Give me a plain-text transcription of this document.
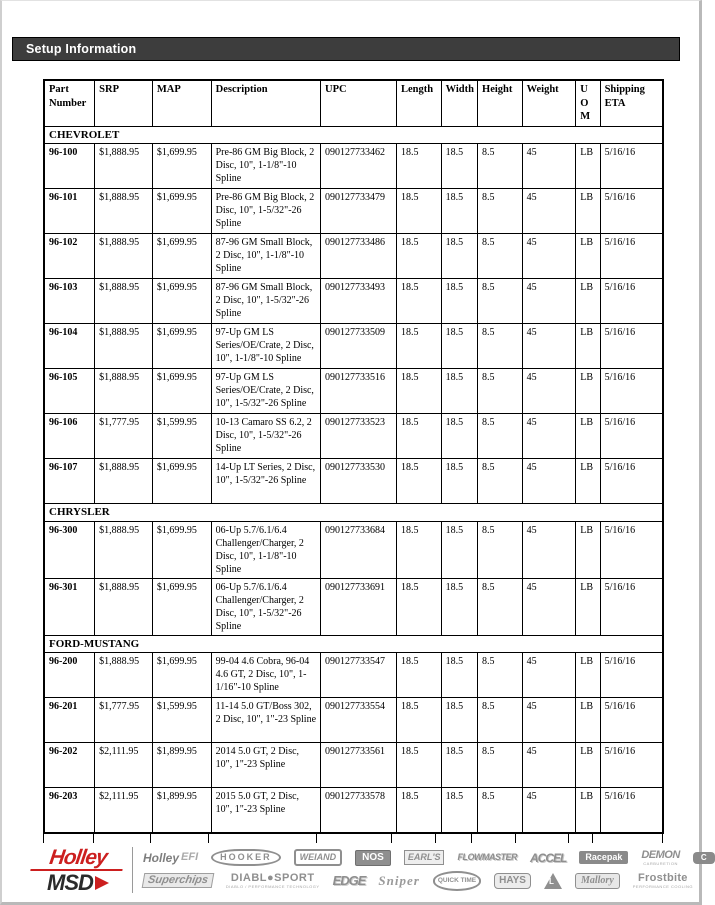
Setup Information
Part Number	SRP	MAP	Description	UPC	Length	Width	Height	Weight	U O M	Shipping ETA
CHEVROLET										
96-100	$1,888.95	$1,699.95	Pre-86 GM Big Block, 2 Disc, 10", 1-1/8"-10 Spline	090127733462	18.5	18.5	8.5	45	LB	5/16/16
96-101	$1,888.95	$1,699.95	Pre-86 GM Big Block, 2 Disc, 10", 1-5/32"-26 Spline	090127733479	18.5	18.5	8.5	45	LB	5/16/16
96-102	$1,888.95	$1,699.95	87-96 GM Small Block, 2 Disc, 10", 1-1/8"-10 Spline	090127733486	18.5	18.5	8.5	45	LB	5/16/16
96-103	$1,888.95	$1,699.95	87-96 GM Small Block, 2 Disc, 10", 1-5/32"-26 Spline	090127733493	18.5	18.5	8.5	45	LB	5/16/16
96-104	$1,888.95	$1,699.95	97-Up GM LS Series/OE/Crate, 2 Disc, 10", 1-1/8"-10 Spline	090127733509	18.5	18.5	8.5	45	LB	5/16/16
96-105	$1,888.95	$1,699.95	97-Up GM LS Series/OE/Crate, 2 Disc, 10", 1-5/32"-26 Spline	090127733516	18.5	18.5	8.5	45	LB	5/16/16
96-106	$1,777.95	$1,599.95	10-13 Camaro SS 6.2, 2 Disc, 10", 1-5/32"-26 Spline	090127733523	18.5	18.5	8.5	45	LB	5/16/16
96-107	$1,888.95	$1,699.95	14-Up LT Series, 2 Disc, 10", 1-5/32"-26 Spline	090127733530	18.5	18.5	8.5	45	LB	5/16/16
CHRYSLER										
96-300	$1,888.95	$1,699.95	06-Up 5.7/6.1/6.4 Challenger/Charger, 2 Disc, 10", 1-1/8"-10 Spline	090127733684	18.5	18.5	8.5	45	LB	5/16/16
96-301	$1,888.95	$1,699.95	06-Up 5.7/6.1/6.4 Challenger/Charger, 2 Disc, 10", 1-5/32"-26 Spline	090127733691	18.5	18.5	8.5	45	LB	5/16/16
FORD-MUSTANG										
96-200	$1,888.95	$1,699.95	99-04 4.6 Cobra, 96-04 4.6 GT, 2 Disc, 10", 1-1/16"-10 Spline	090127733547	18.5	18.5	8.5	45	LB	5/16/16
96-201	$1,777.95	$1,599.95	11-14 5.0 GT/Boss 302, 2 Disc, 10", 1"-23 Spline	090127733554	18.5	18.5	8.5	45	LB	5/16/16
96-202	$2,111.95	$1,899.95	2014 5.0 GT, 2 Disc, 10", 1"-23 Spline	090127733561	18.5	18.5	8.5	45	LB	5/16/16
96-203	$2,111.95	$1,899.95	2015 5.0 GT, 2 Disc, 10", 1"-23 Spline	090127733578	18.5	18.5	8.5	45	LB	5/16/16
Holley
MSD
Holley EFI	HOOKER	WEIAND	NOS	EARL'S	FLOWMASTER ACCEL	Racepak	DEMON
CARBURETION
C
Superchips	DIABL●SPORT
DIABLO / PERFORMANCE TECHNOLOGY EDGE Sniper	QUICK TIME	HAYS	L	Mallory	Frostbite
PERFORMANCE COOLING
